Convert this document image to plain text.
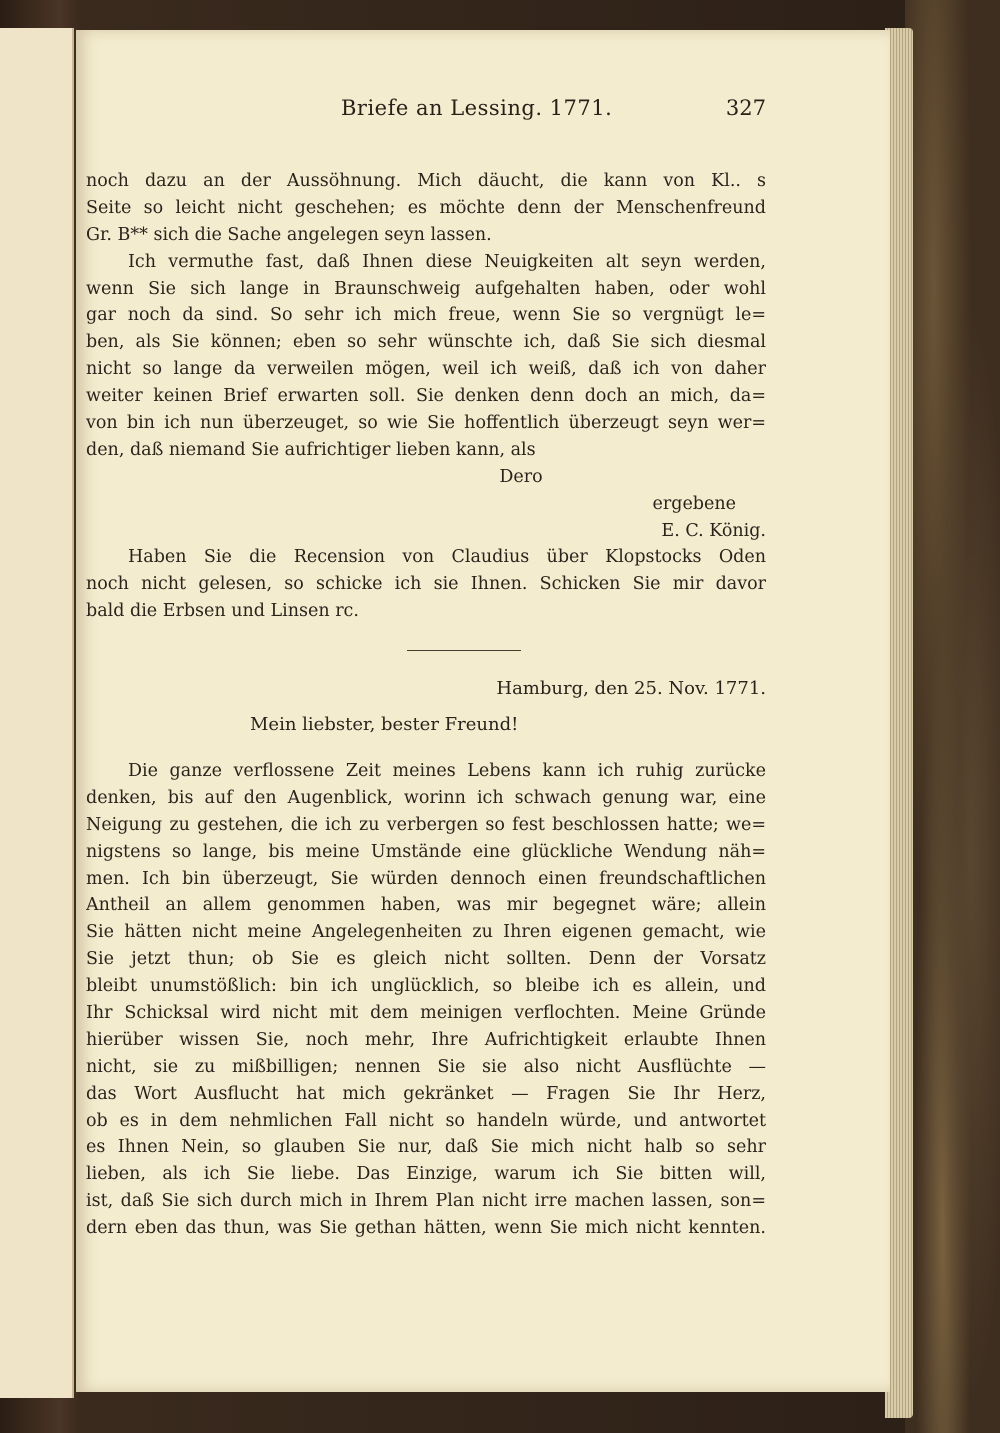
Briefe an Lessing. 1771.	327
noch dazu an der Aussöhnung. Mich däucht, die kann von Kl.. s
Seite so leicht nicht geschehen; es möchte denn der Menschenfreund
Gr. B** sich die Sache angelegen seyn lassen.
Ich vermuthe fast, daß Ihnen diese Neuigkeiten alt seyn werden,
wenn Sie sich lange in Braunschweig aufgehalten haben, oder wohl
gar noch da sind. So sehr ich mich freue, wenn Sie so vergnügt le=
ben, als Sie können; eben so sehr wünschte ich, daß Sie sich diesmal
nicht so lange da verweilen mögen, weil ich weiß, daß ich von daher
weiter keinen Brief erwarten soll. Sie denken denn doch an mich, da=
von bin ich nun überzeuget, so wie Sie hoffentlich überzeugt seyn wer=
den, daß niemand Sie aufrichtiger lieben kann, als
Dero
ergebene
E. C. König.
Haben Sie die Recension von Claudius über Klopstocks Oden
noch nicht gelesen, so schicke ich sie Ihnen. Schicken Sie mir davor
bald die Erbsen und Linsen rc.
Hamburg, den 25. Nov. 1771.
Mein liebster, bester Freund!
Die ganze verflossene Zeit meines Lebens kann ich ruhig zurücke
denken, bis auf den Augenblick, worinn ich schwach genung war, eine
Neigung zu gestehen, die ich zu verbergen so fest beschlossen hatte; we=
nigstens so lange, bis meine Umstände eine glückliche Wendung näh=
men. Ich bin überzeugt, Sie würden dennoch einen freundschaftlichen
Antheil an allem genommen haben, was mir begegnet wäre; allein
Sie hätten nicht meine Angelegenheiten zu Ihren eigenen gemacht, wie
Sie jetzt thun; ob Sie es gleich nicht sollten. Denn der Vorsatz
bleibt unumstößlich: bin ich unglücklich, so bleibe ich es allein, und
Ihr Schicksal wird nicht mit dem meinigen verflochten. Meine Gründe
hierüber wissen Sie, noch mehr, Ihre Aufrichtigkeit erlaubte Ihnen
nicht, sie zu mißbilligen; nennen Sie sie also nicht Ausflüchte —
das Wort Ausflucht hat mich gekränket — Fragen Sie Ihr Herz,
ob es in dem nehmlichen Fall nicht so handeln würde, und antwortet
es Ihnen Nein, so glauben Sie nur, daß Sie mich nicht halb so sehr
lieben, als ich Sie liebe. Das Einzige, warum ich Sie bitten will,
ist, daß Sie sich durch mich in Ihrem Plan nicht irre machen lassen, son=
dern eben das thun, was Sie gethan hätten, wenn Sie mich nicht kennten.
